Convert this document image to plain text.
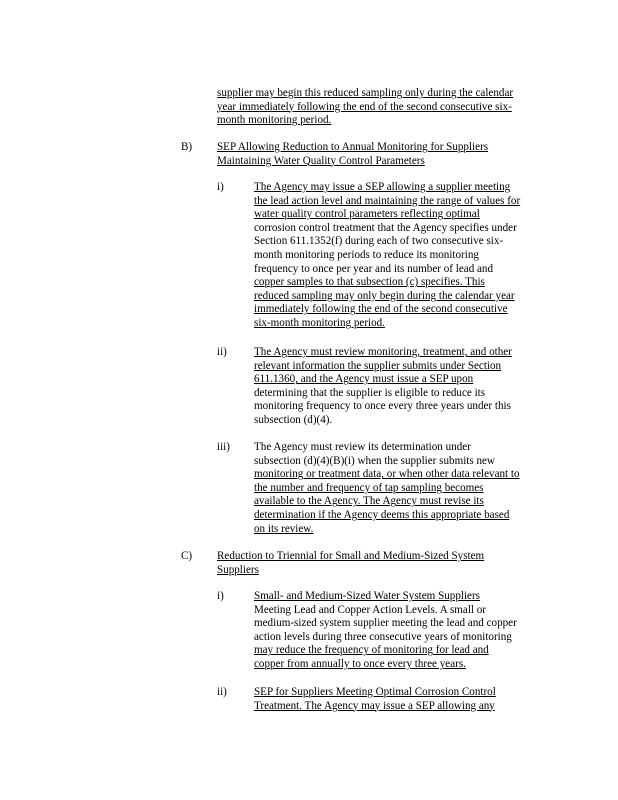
supplier may begin this reduced sampling only during the calendar
year immediately following the end of the second consecutive six-
month monitoring period.
B) SEP Allowing Reduction to Annual Monitoring for Suppliers
Maintaining Water Quality Control Parameters
i)	The Agency may issue a SEP allowing a supplier meeting
the lead action level and maintaining the range of values for
water quality control parameters reflecting optimal
corrosion control treatment that the Agency specifies under
Section 611.1352(f) during each of two consecutive six-
month monitoring periods to reduce its monitoring
frequency to once per year and its number of lead and
copper samples to that subsection (c) specifies. This
reduced sampling may only begin during the calendar year
immediately following the end of the second consecutive
six-month monitoring period.
ii) The Agency must review monitoring, treatment, and other
relevant information the supplier submits under Section
611.1360, and the Agency must issue a SEP upon
determining that the supplier is eligible to reduce its
monitoring frequency to once every three years under this
subsection (d)(4).
iii) The Agency must review its determination under
subsection (d)(4)(B)(i) when the supplier submits new
monitoring or treatment data, or when other data relevant to
the number and frequency of tap sampling becomes
available to the Agency. The Agency must revise its
determination if the Agency deems this appropriate based
on its review.
C) Reduction to Triennial for Small and Medium-Sized System
Suppliers
i)	Small- and Medium-Sized Water System Suppliers
Meeting Lead and Copper Action Levels. A small or
medium-sized system supplier meeting the lead and copper
action levels during three consecutive years of monitoring
may reduce the frequency of monitoring for lead and
copper from annually to once every three years.
ii) SEP for Suppliers Meeting Optimal Corrosion Control
Treatment. The Agency may issue a SEP allowing any
